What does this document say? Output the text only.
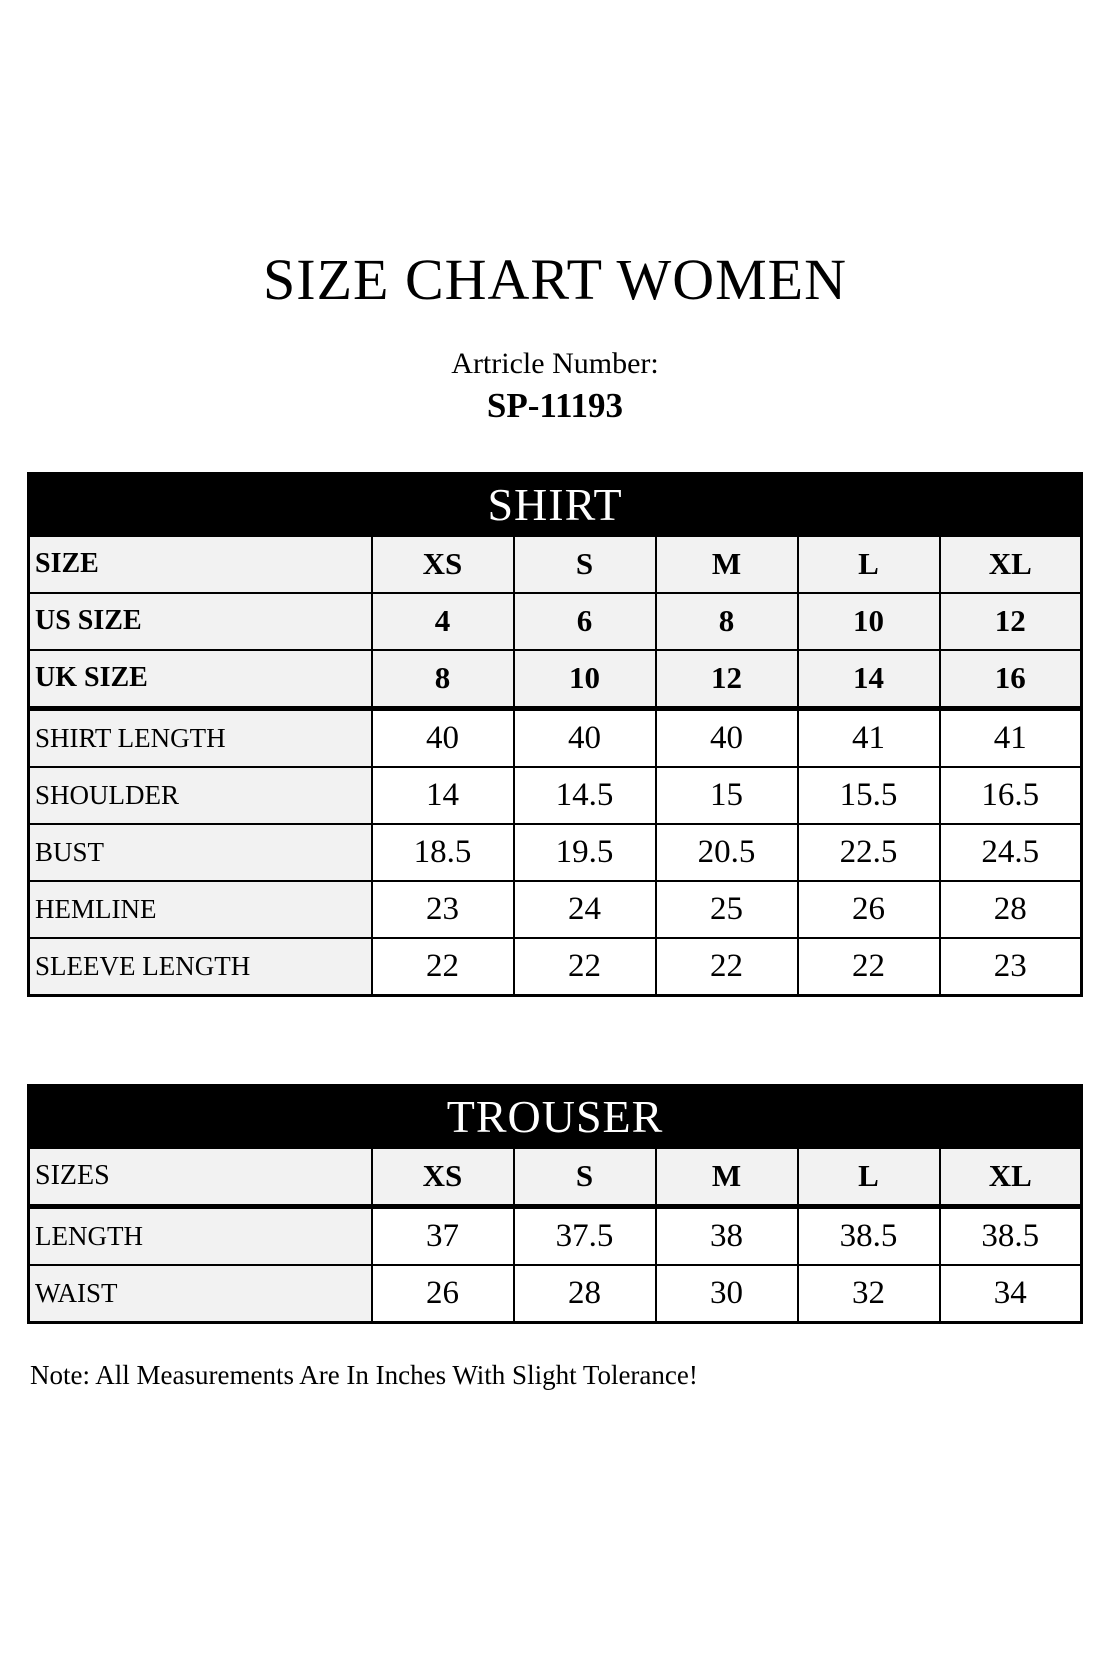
SIZE CHART WOMEN
Artricle Number:
SP-11193
SHIRT					
SIZE	XS	S	M	L	XL
US SIZE	4	6	8	10	12
UK SIZE	8	10	12	14	16
SHIRT LENGTH	40	40	40	41	41
SHOULDER	14	14.5	15	15.5	16.5
BUST	18.5	19.5	20.5	22.5	24.5
HEMLINE	23	24	25	26	28
SLEEVE LENGTH	22	22	22	22	23
TROUSER					
SIZES	XS	S	M	L	XL
LENGTH	37	37.5	38	38.5	38.5
WAIST	26	28	30	32	34
Note: All Measurements Are In Inches With Slight Tolerance!
